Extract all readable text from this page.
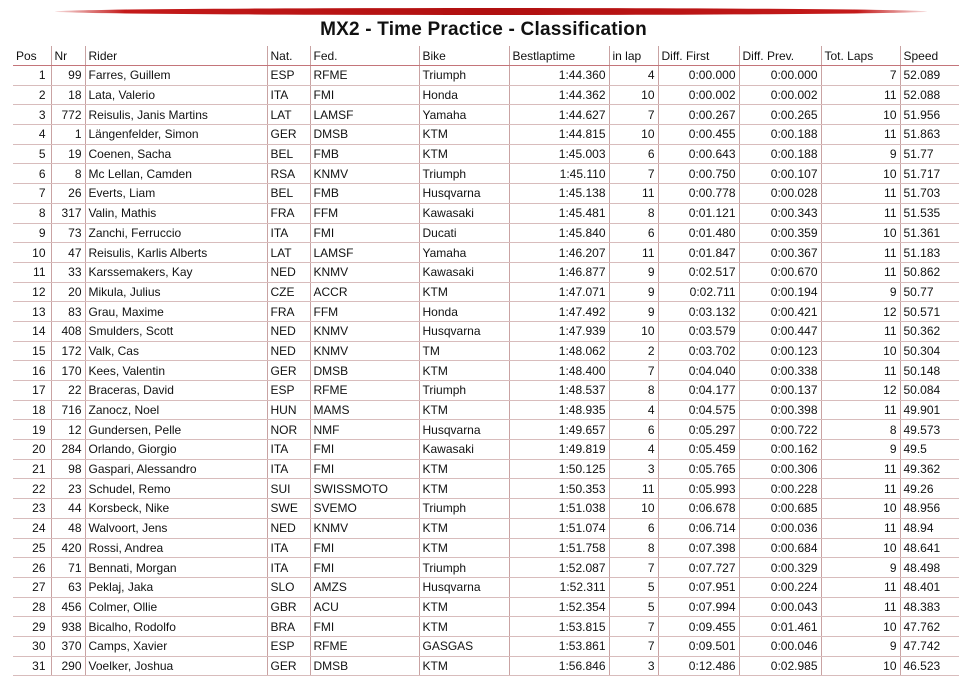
MX2 - Time Practice - Classification
Pos	Nr	Rider	Nat.	Fed.	Bike	Bestlaptime	in lap	Diff. First	Diff. Prev.	Tot. Laps	Speed
1	99	Farres, Guillem	ESP	RFME	Triumph	1:44.360	4	0:00.000	0:00.000	7	52.089
2	18	Lata, Valerio	ITA	FMI	Honda	1:44.362	10	0:00.002	0:00.002	11	52.088
3	772	Reisulis, Janis Martins	LAT	LAMSF	Yamaha	1:44.627	7	0:00.267	0:00.265	10	51.956
4	1	Längenfelder, Simon	GER	DMSB	KTM	1:44.815	10	0:00.455	0:00.188	11	51.863
5	19	Coenen, Sacha	BEL	FMB	KTM	1:45.003	6	0:00.643	0:00.188	9	51.77
6	8	Mc Lellan, Camden	RSA	KNMV	Triumph	1:45.110	7	0:00.750	0:00.107	10	51.717
7	26	Everts, Liam	BEL	FMB	Husqvarna	1:45.138	11	0:00.778	0:00.028	11	51.703
8	317	Valin, Mathis	FRA	FFM	Kawasaki	1:45.481	8	0:01.121	0:00.343	11	51.535
9	73	Zanchi, Ferruccio	ITA	FMI	Ducati	1:45.840	6	0:01.480	0:00.359	10	51.361
10	47	Reisulis, Karlis Alberts	LAT	LAMSF	Yamaha	1:46.207	11	0:01.847	0:00.367	11	51.183
11	33	Karssemakers, Kay	NED	KNMV	Kawasaki	1:46.877	9	0:02.517	0:00.670	11	50.862
12	20	Mikula, Julius	CZE	ACCR	KTM	1:47.071	9	0:02.711	0:00.194	9	50.77
13	83	Grau, Maxime	FRA	FFM	Honda	1:47.492	9	0:03.132	0:00.421	12	50.571
14	408	Smulders, Scott	NED	KNMV	Husqvarna	1:47.939	10	0:03.579	0:00.447	11	50.362
15	172	Valk, Cas	NED	KNMV	TM	1:48.062	2	0:03.702	0:00.123	10	50.304
16	170	Kees, Valentin	GER	DMSB	KTM	1:48.400	7	0:04.040	0:00.338	11	50.148
17	22	Braceras, David	ESP	RFME	Triumph	1:48.537	8	0:04.177	0:00.137	12	50.084
18	716	Zanocz, Noel	HUN	MAMS	KTM	1:48.935	4	0:04.575	0:00.398	11	49.901
19	12	Gundersen, Pelle	NOR	NMF	Husqvarna	1:49.657	6	0:05.297	0:00.722	8	49.573
20	284	Orlando, Giorgio	ITA	FMI	Kawasaki	1:49.819	4	0:05.459	0:00.162	9	49.5
21	98	Gaspari, Alessandro	ITA	FMI	KTM	1:50.125	3	0:05.765	0:00.306	11	49.362
22	23	Schudel, Remo	SUI	SWISSMOTO	KTM	1:50.353	11	0:05.993	0:00.228	11	49.26
23	44	Korsbeck, Nike	SWE	SVEMO	Triumph	1:51.038	10	0:06.678	0:00.685	10	48.956
24	48	Walvoort, Jens	NED	KNMV	KTM	1:51.074	6	0:06.714	0:00.036	11	48.94
25	420	Rossi, Andrea	ITA	FMI	KTM	1:51.758	8	0:07.398	0:00.684	10	48.641
26	71	Bennati, Morgan	ITA	FMI	Triumph	1:52.087	7	0:07.727	0:00.329	9	48.498
27	63	Peklaj, Jaka	SLO	AMZS	Husqvarna	1:52.311	5	0:07.951	0:00.224	11	48.401
28	456	Colmer, Ollie	GBR	ACU	KTM	1:52.354	5	0:07.994	0:00.043	11	48.383
29	938	Bicalho, Rodolfo	BRA	FMI	KTM	1:53.815	7	0:09.455	0:01.461	10	47.762
30	370	Camps, Xavier	ESP	RFME	GASGAS	1:53.861	7	0:09.501	0:00.046	9	47.742
31	290	Voelker, Joshua	GER	DMSB	KTM	1:56.846	3	0:12.486	0:02.985	10	46.523
